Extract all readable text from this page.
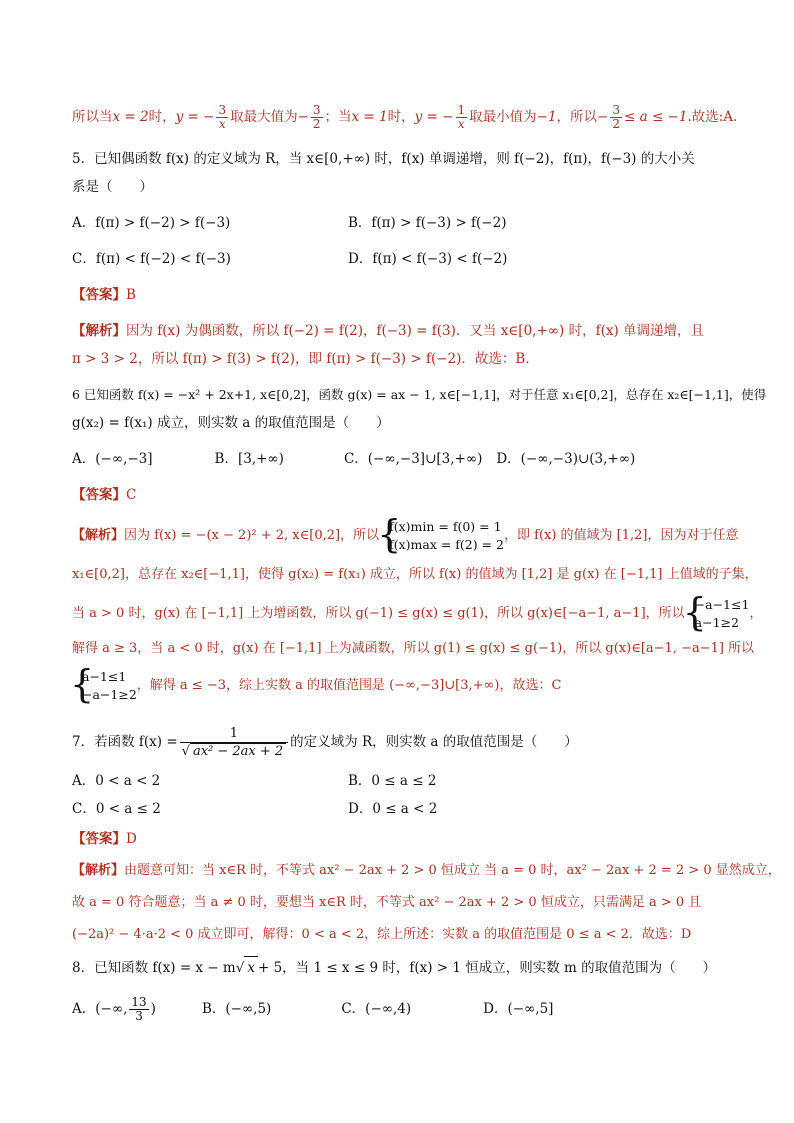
所以当x = 2时，y = − $\frac{3}{x}$ 取最大值为− $\frac{3}{2}$ ；当x = 1时，y = − $\frac{1}{x}$ 取最小值为−1，所以− $\frac{3}{2} \le a \le -1$.故选:A.
5．已知偶函数 f(x) 的定义域为 R，当 x∈[0,+∞) 时，f(x) 单调递增，则 f(−2)，f(π)，f(−3) 的大小关
系是（　　）
A．f(π) > f(−2) > f(−3)	B．f(π) > f(−3) > f(−2)
C．f(π) < f(−2) < f(−3)	D．f(π) < f(−3) < f(−2)
【答案】B
【解析】因为 f(x) 为偶函数，所以 f(−2) = f(2)，f(−3) = f(3)．又当 x∈[0,+∞) 时，f(x) 单调递增，且
π > 3 > 2，所以 f(π) > f(3) > f(2)，即 f(π) > f(−3) > f(−2)．故选：B．
6 已知函数 f(x) = −x² + 2x+1, x∈[0,2]，函数 g(x) = ax − 1, x∈[−1,1]，对于任意 x₁∈[0,2]，总存在 x₂∈[−1,1]，使得
g(x₂) = f(x₁) 成立，则实数 a 的取值范围是（　　）
A．(−∞,−3]	B．[3,+∞)	C．(−∞,−3]∪[3,+∞) D．(−∞,−3)∪(3,+∞)
【答案】C
【解析】因为 f(x) = −(x − 2)² + 2, x∈[0,2]，所以
{ f(x)min = f(0) = 1
f(x)max = f(2) = 2
，即 f(x) 的值域为 [1,2]，因为对于任意
x₁∈[0,2]，总存在 x₂∈[−1,1]，使得 g(x₂) = f(x₁) 成立，所以 f(x) 的值域为 [1,2] 是 g(x) 在 [−1,1] 上值域的子集，
当 a > 0 时，g(x) 在 [−1,1] 上为增函数，所以 g(−1) ≤ g(x) ≤ g(1)，所以 g(x)∈[−a−1, a−1]，所以
{ −a−1≤1
a−1≥2
，
解得 a ≥ 3，当 a < 0 时，g(x) 在 [−1,1] 上为减函数，所以 g(1) ≤ g(x) ≤ g(−1)，所以 g(x)∈[a−1, −a−1] 所以
{ a−1≤1
−a−1≥2
，解得 a ≤ −3，综上实数 a 的取值范围是 (−∞,−3]∪[3,+∞)，故选：C
7．若函数 $f(x) = \frac{1}{\text{√ ax² − 2ax + 2}}$ 的定义域为 R，则实数 a 的取值范围是（　　）
A．0 < a < 2	B．0 ≤ a ≤ 2
C．0 < a ≤ 2	D．0 ≤ a < 2
【答案】D
【解析】由题意可知：当 x∈R 时，不等式 ax² − 2ax + 2 > 0 恒成立 当 a = 0 时，ax² − 2ax + 2 = 2 > 0 显然成立，
故 a = 0 符合题意；当 a ≠ 0 时，要想当 x∈R 时，不等式 ax² − 2ax + 2 > 0 恒成立，只需满足 a > 0 且
(−2a)² − 4·a·2 < 0 成立即可，解得：0 < a < 2，综上所述：实数 a 的取值范围是 0 ≤ a < 2．故选：D
8．已知函数 f(x) = x − m√ x + 5，当 1 ≤ x ≤ 9 时，f(x) > 1 恒成立，则实数 m 的取值范围为（　　）
A．(−∞, $\frac{13}{3}$ )	B．(−∞,5)	C．(−∞,4)	D．(−∞,5]
